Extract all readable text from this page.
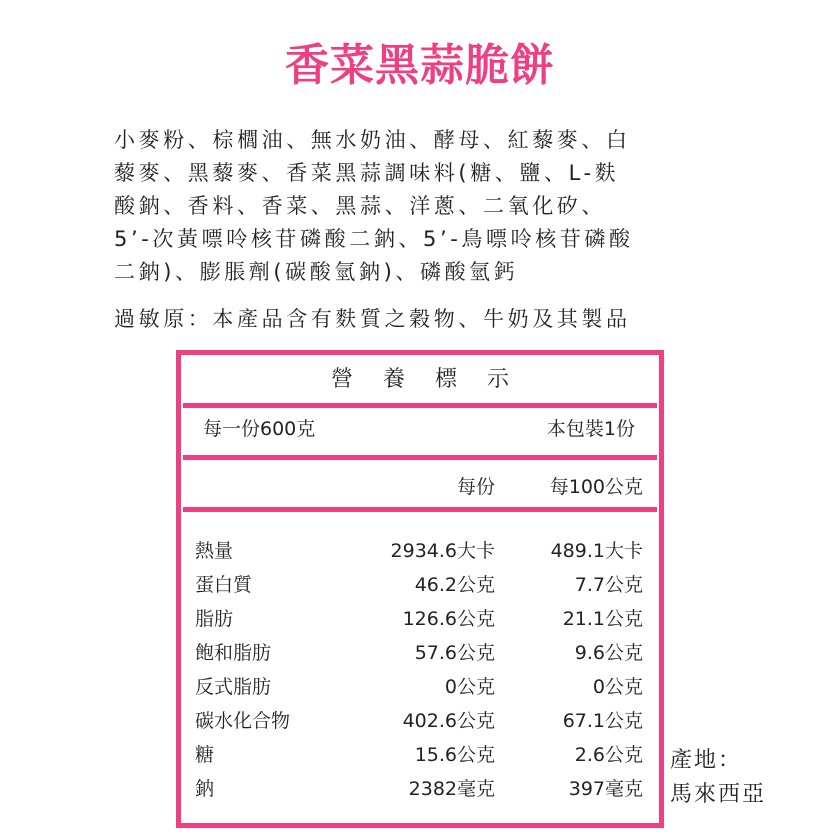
香菜黑蒜脆餅
小麥粉、棕櫚油、無水奶油、酵母、紅藜麥、白
藜麥、黑藜麥、香菜黑蒜調味料(糖、鹽、L-麩
酸鈉、香料、香菜、黑蒜、洋蔥、二氧化矽、
5’-次黃嘌呤核苷磷酸二鈉、5’-鳥嘌呤核苷磷酸
二鈉)、膨脹劑(碳酸氫鈉)、磷酸氫鈣
過敏原：本產品含有麩質之穀物、牛奶及其製品
營養標示
每一份600克	本包裝1份
每份	每100公克
熱量	2934.6大卡	489.1大卡
蛋白質	46.2公克	7.7公克
脂肪	126.6公克	21.1公克
飽和脂肪	57.6公克	9.6公克
反式脂肪	0公克	0公克
碳水化合物	402.6公克	67.1公克
糖	15.6公克	2.6公克
鈉	2382毫克	397毫克
產地：
馬來西亞
